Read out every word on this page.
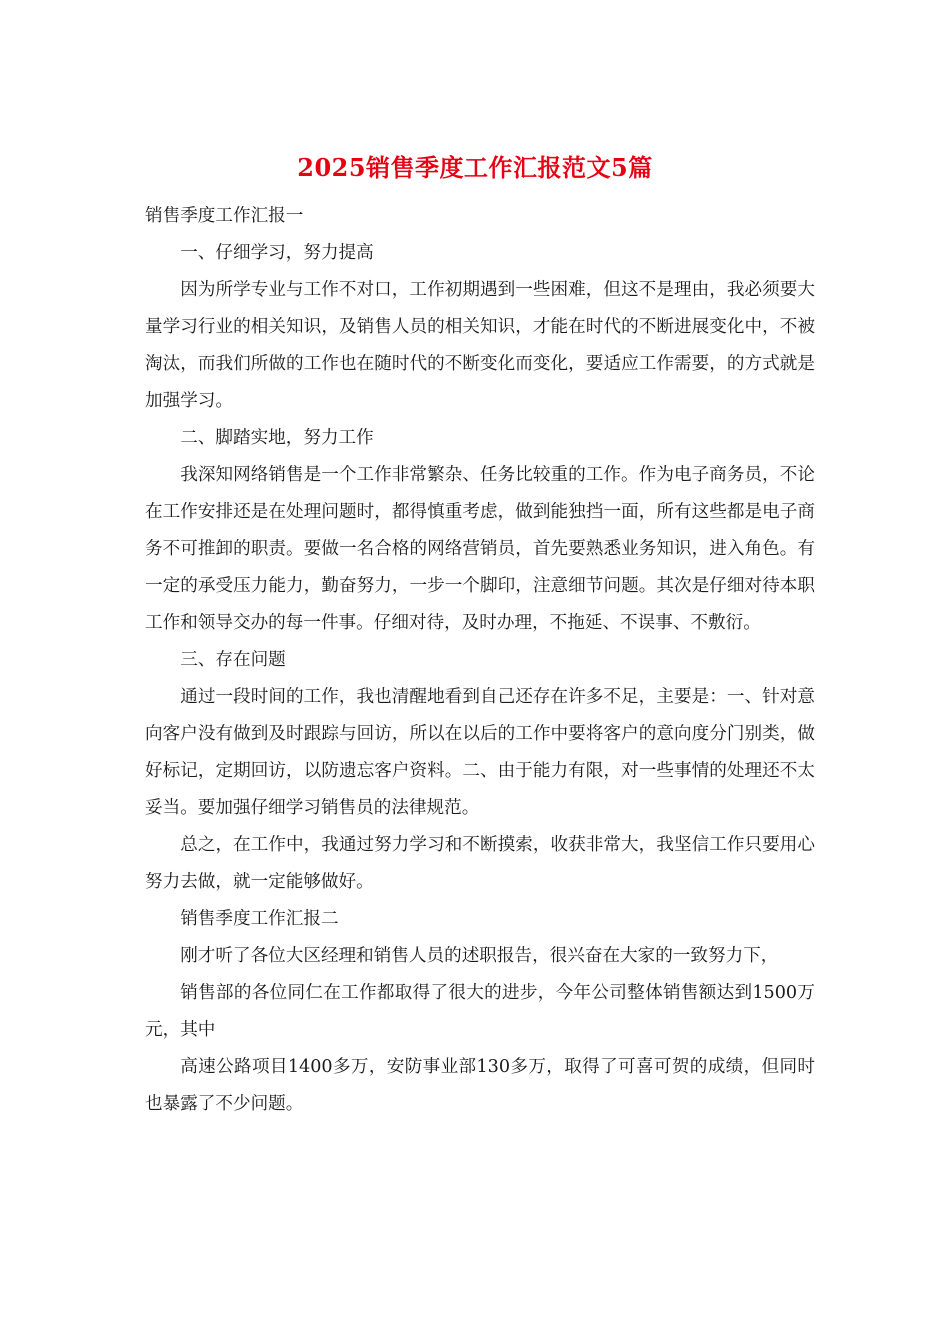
2025销售季度工作汇报范文5篇

销售季度工作汇报一

一、仔细学习，努力提高

因为所学专业与工作不对口，工作初期遇到一些困难，但这不是理由，我必须要大量学习行业的相关知识，及销售人员的相关知识，才能在时代的不断进展变化中，不被淘汰，而我们所做的工作也在随时代的不断变化而变化，要适应工作需要，的方式就是加强学习。

二、脚踏实地，努力工作

我深知网络销售是一个工作非常繁杂、任务比较重的工作。作为电子商务员，不论在工作安排还是在处理问题时，都得慎重考虑，做到能独挡一面，所有这些都是电子商务不可推卸的职责。要做一名合格的网络营销员，首先要熟悉业务知识，进入角色。有一定的承受压力能力，勤奋努力，一步一个脚印，注意细节问题。其次是仔细对待本职工作和领导交办的每一件事。仔细对待，及时办理，不拖延、不误事、不敷衍。

三、存在问题

通过一段时间的工作，我也清醒地看到自己还存在许多不足，主要是：一、针对意向客户没有做到及时跟踪与回访，所以在以后的工作中要将客户的意向度分门别类，做好标记，定期回访，以防遗忘客户资料。二、由于能力有限，对一些事情的处理还不太妥当。要加强仔细学习销售员的法律规范。

总之，在工作中，我通过努力学习和不断摸索，收获非常大，我坚信工作只要用心努力去做，就一定能够做好。

销售季度工作汇报二

刚才听了各位大区经理和销售人员的述职报告，很兴奋在大家的一致努力下，

销售部的各位同仁在工作都取得了很大的进步，今年公司整体销售额达到1500万元，其中

高速公路项目1400多万，安防事业部130多万，取得了可喜可贺的成绩，但同时也暴露了不少问题。
